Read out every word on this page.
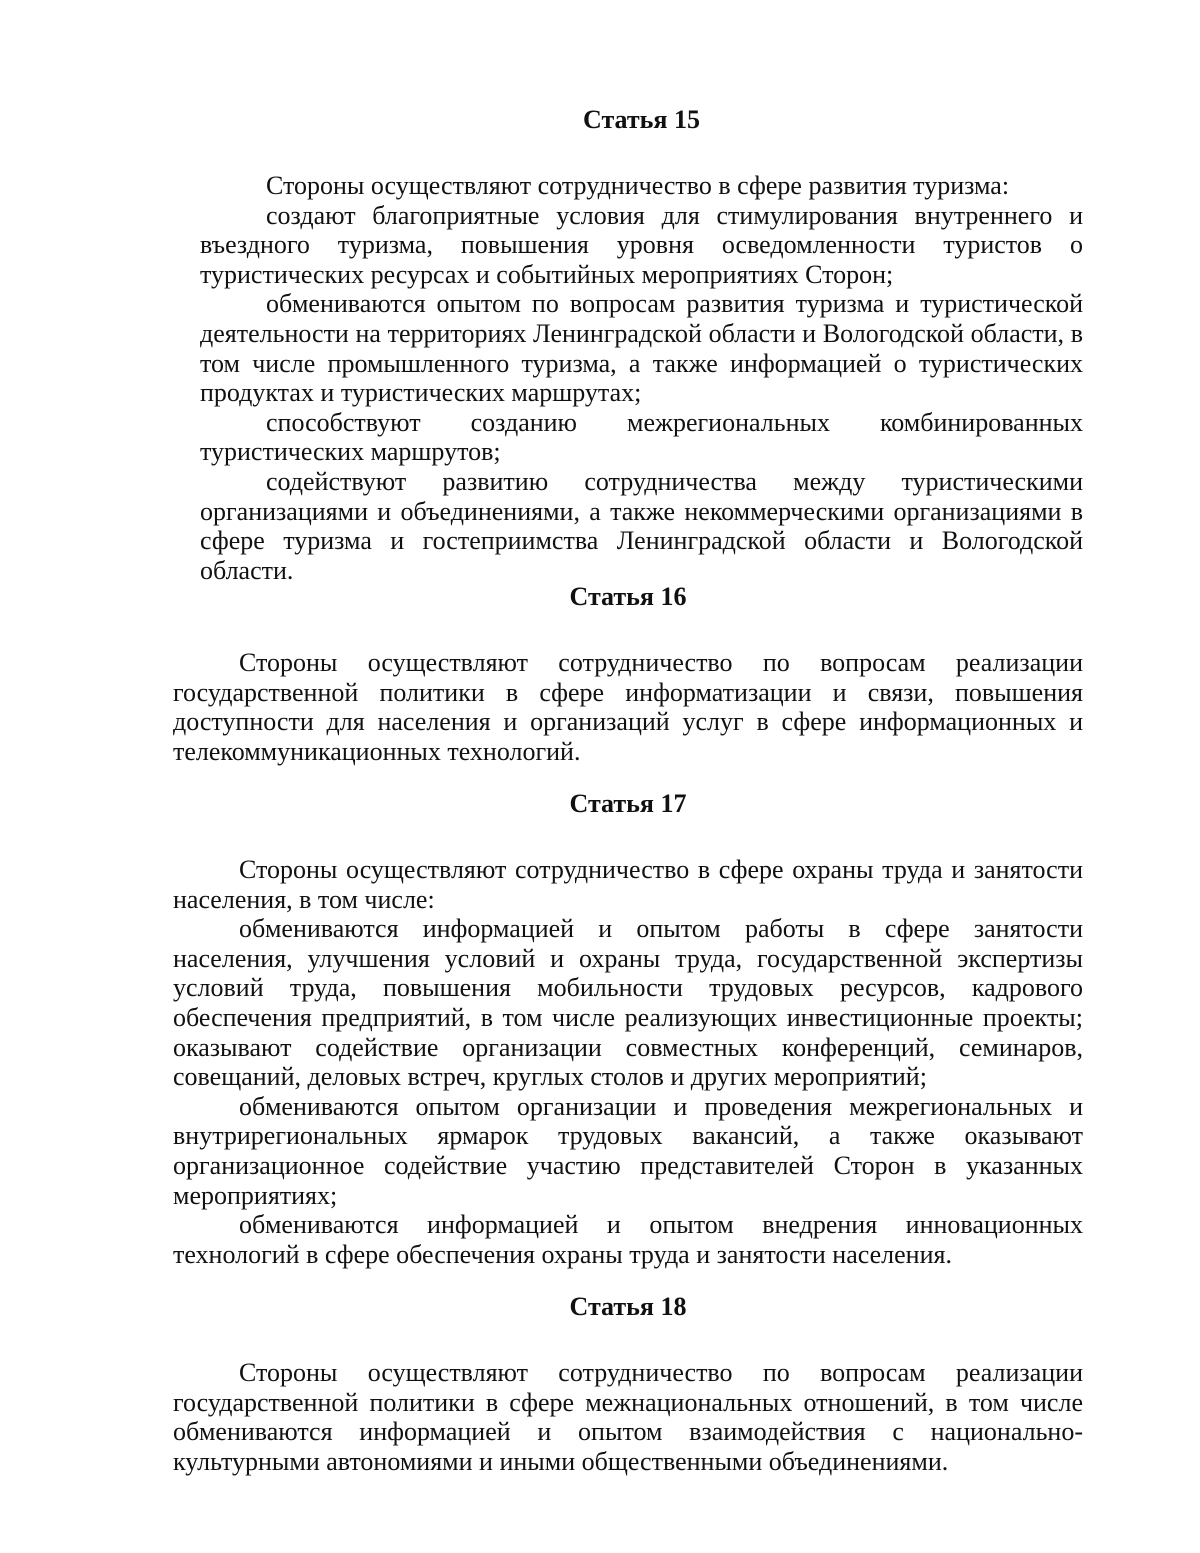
Статья 15

Стороны осуществляют сотрудничество в сфере развития туризма:

создают благоприятные условия для стимулирования внутреннего и въездного туризма, повышения уровня осведомленности туристов о туристических ресурсах и событийных мероприятиях Сторон;

обмениваются опытом по вопросам развития туризма и туристической деятельности на территориях Ленинградской области и Вологодской области, в том числе промышленного туризма, а также информацией о туристических продуктах и туристических маршрутах;

способствуют созданию межрегиональных комбинированных туристических маршрутов;

содействуют развитию сотрудничества между туристическими организациями и объединениями, а также некоммерческими организациями в сфере туризма и гостеприимства Ленинградской области и Вологодской области.

Статья 16

Стороны осуществляют сотрудничество по вопросам реализации государственной политики в сфере информатизации и связи, повышения доступности для населения и организаций услуг в сфере информационных и телекоммуникационных технологий.

Статья 17

Стороны осуществляют сотрудничество в сфере охраны труда и занятости населения, в том числе:

обмениваются информацией и опытом работы в сфере занятости населения, улучшения условий и охраны труда, государственной экспертизы условий труда, повышения мобильности трудовых ресурсов, кадрового обеспечения предприятий, в том числе реализующих инвестиционные проекты; оказывают содействие организации совместных конференций, семинаров, совещаний, деловых встреч, круглых столов и других мероприятий;

обмениваются опытом организации и проведения межрегиональных и внутрирегиональных ярмарок трудовых вакансий, а также оказывают организационное содействие участию представителей Сторон в указанных мероприятиях;

обмениваются информацией и опытом внедрения инновационных технологий в сфере обеспечения охраны труда и занятости населения.

Статья 18

Стороны осуществляют сотрудничество по вопросам реализации государственной политики в сфере межнациональных отношений, в том числе обмениваются информацией и опытом взаимодействия с национально-культурными автономиями и иными общественными объединениями.
